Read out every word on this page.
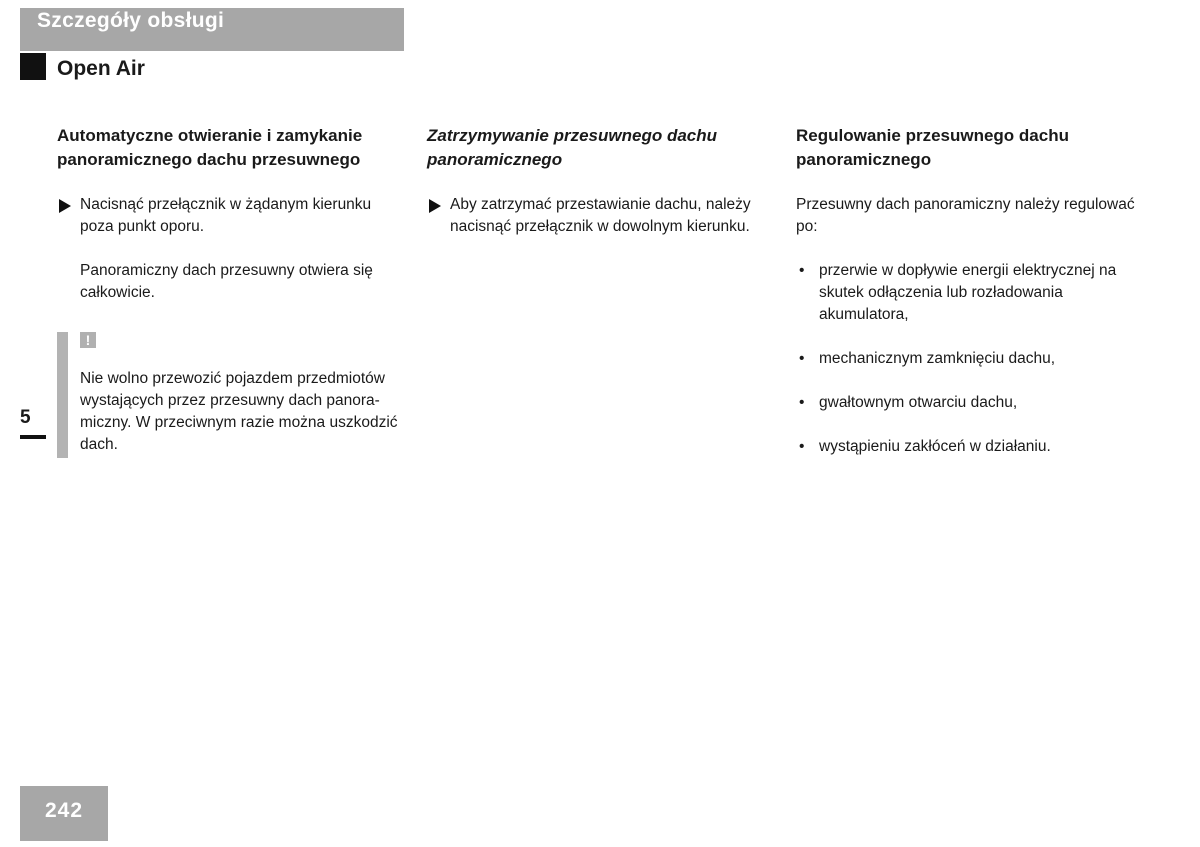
Szczegóły obsługi
Open Air
Automatyczne otwieranie i zamykanie panoramicznego dachu przesuwnego
Nacisnąć przełącznik w żądanym kierunku poza punkt oporu.

Panoramiczny dach przesuwny otwiera się całkowicie.

!
Nie wolno przewozić pojazdem przedmiotów wystających przez przesuwny dach panora-miczny. W przeciwnym razie można uszkodzić dach.
Zatrzymywanie przesuwnego dachu panoramicznego
Aby zatrzymać przestawianie dachu, należy nacisnąć przełącznik w dowolnym kierunku.
Regulowanie przesuwnego dachu panoramicznego

Przesuwny dach panoramiczny należy regulować po:

• przerwie w dopływie energii elektrycznej na skutek odłączenia lub rozładowania akumulatora,
• mechanicznym zamknięciu dachu,
• gwałtownym otwarciu dachu,
• wystąpieniu zakłóceń w działaniu.
5
242
